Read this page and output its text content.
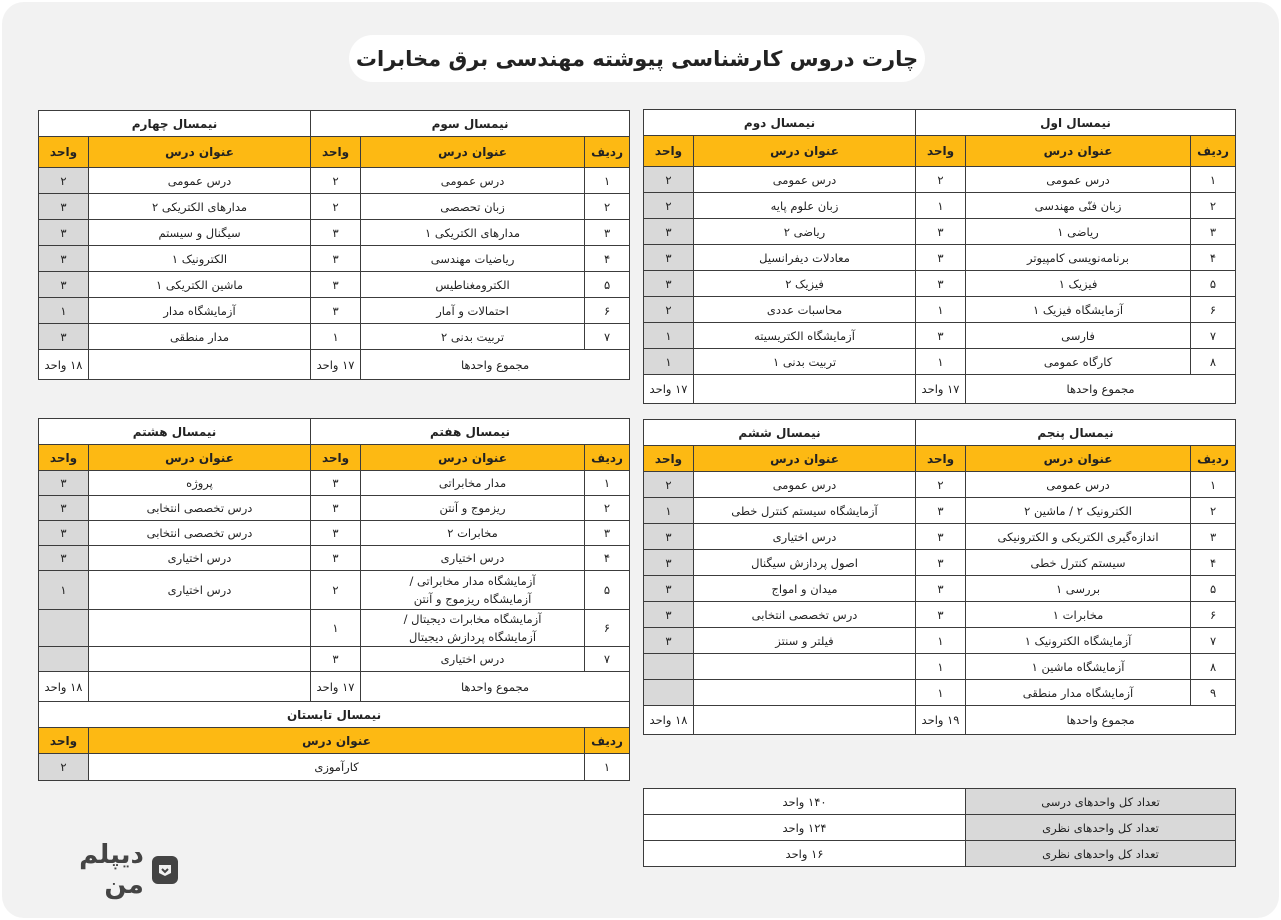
چارت دروس کارشناسی پیوشته مهندسی برق مخابرات
نیمسال اول			نیمسال دوم	
ردیف	عنوان درس	واحد	عنوان درس	واحد
۱	درس عمومی	۲	درس عمومی	۲
۲	زبان فنّی مهندسی	۱	زبان علوم پایه	۲
۳	ریاضی ۱	۳	ریاضی ۲	۳
۴	برنامه‌نویسی کامپیوتر	۳	معادلات دیفرانسیل	۳
۵	فیزیک ۱	۳	فیزیک ۲	۳
۶	آزمایشگاه فیزیک ۱	۱	محاسبات عددی	۲
۷	فارسی	۳	آزمایشگاه الکتریسیته	۱
۸	کارگاه عمومی	۱	تربیت بدنی ۱	۱
مجموع واحدها		۱۷ واحد		۱۷ واحد
نیمسال سوم			نیمسال چهارم	
ردیف	عنوان درس	واحد	عنوان درس	واحد
۱	درس عمومی	۲	درس عمومی	۲
۲	زبان تحصصی	۲	مدارهای الکتریکی ۲	۳
۳	مدارهای الکتریکی ۱	۳	سیگنال و سیستم	۳
۴	ریاضیات مهندسی	۳	الکترونیک ۱	۳
۵	الکترومغناطیس	۳	ماشین الکتریکی ۱	۳
۶	احتمالات و آمار	۳	آزمایشگاه مدار	۱
۷	تربیت بدنی ۲	۱	مدار منطقی	۳
مجموع واحدها		۱۷ واحد		۱۸ واحد
نیمسال پنجم			نیمسال ششم	
ردیف	عنوان درس	واحد	عنوان درس	واحد
۱	درس عمومی	۲	درس عمومی	۲
۲	الکترونیک ۲ / ماشین ۲	۳	آزمایشگاه سیستم کنترل خطی	۱
۳	اندازه‌گیری الکتریکی و الکترونیکی	۳	درس اختیاری	۳
۴	سیستم کنترل خطی	۳	اصول پردازش سیگنال	۳
۵	بررسی ۱	۳	میدان و امواج	۳
۶	مخابرات ۱	۳	درس تخصصی انتخابی	۳
۷	آزمایشگاه الکترونیک ۱	۱	فیلتر و سنتز	۳
۸	آزمایشگاه ماشین ۱	۱		
۹	آزمایشگاه مدار منطقی	۱		
مجموع واحدها		۱۹ واحد		۱۸ واحد
نیمسال هفتم			نیمسال هشتم	
ردیف	عنوان درس	واحد	عنوان درس	واحد
۱	مدار مخابراتی	۳	پروژه	۳
۲	ریزموج و آنتن	۳	درس تخصصی انتخابی	۳
۳	مخابرات ۲	۳	درس تخصصی انتخابی	۳
۴	درس اختیاری	۳	درس اختیاری	۳
۵	آزمایشگاه مدار مخابراتی /
آزمایشگاه ریزموج و آنتن	۲	درس اختیاری	۱
۶	آزمایشگاه مخابرات دیجیتال /
آزمایشگاه پردازش دیجیتال	۱		
۷	درس اختیاری	۳		
مجموع واحدها		۱۷ واحد		۱۸ واحد
نیمسال تابستان				
ردیف	عنوان درس			واحد
۱	کارآموزی			۲
تعداد کل واحدهای درسی	۱۴۰ واحد
تعداد کل واحدهای نظری	۱۲۴ واحد
تعداد کل واحدهای نظری	۱۶ واحد
دیپلم من
